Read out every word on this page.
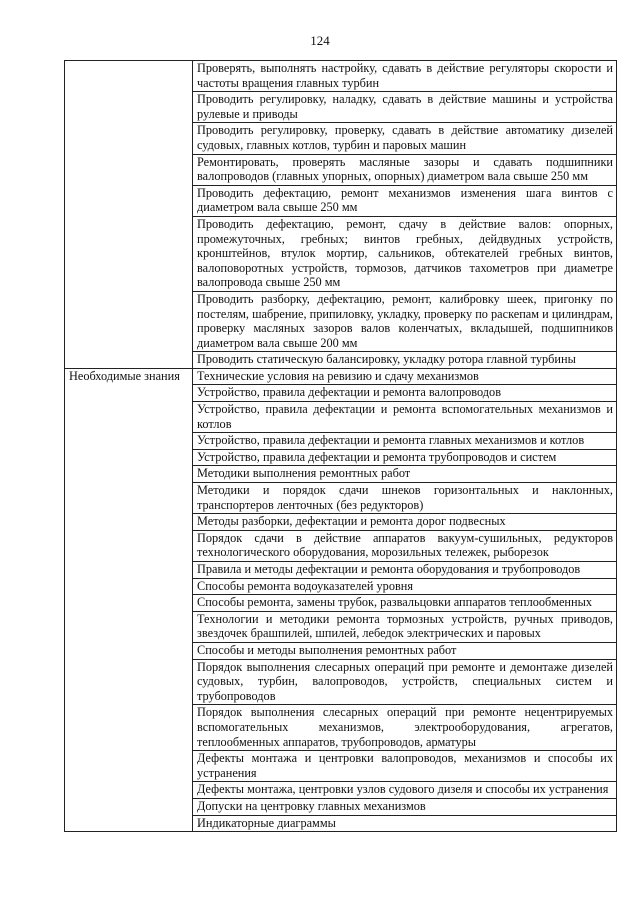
124
	Проверять, выполнять настройку, сдавать в действие регуляторы скорости и частоты вращения главных турбин
	Проводить регулировку, наладку, сдавать в действие машины и устройства рулевые и приводы
	Проводить регулировку, проверку, сдавать в действие автоматику дизелей судовых, главных котлов, турбин и паровых машин
	Ремонтировать, проверять масляные зазоры и сдавать подшипники валопроводов (главных упорных, опорных) диаметром вала свыше 250 мм
	Проводить дефектацию, ремонт механизмов изменения шага винтов с диаметром вала свыше 250 мм
	Проводить дефектацию, ремонт, сдачу в действие валов: опорных, промежуточных, гребных; винтов гребных, дейдвудных устройств, кронштейнов, втулок мортир, сальников, обтекателей гребных винтов, валоповоротных устройств, тормозов, датчиков тахометров при диаметре валопровода свыше 250 мм
	Проводить разборку, дефектацию, ремонт, калибровку шеек, пригонку по постелям, шабрение, припиловку, укладку, проверку по раскепам и цилиндрам, проверку масляных зазоров валов коленчатых, вкладышей, подшипников диаметром вала свыше 200 мм
	Проводить статическую балансировку, укладку ротора главной турбины
Необходимые знания	Технические условия на ревизию и сдачу механизмов
	Устройство, правила дефектации и ремонта валопроводов
	Устройство, правила дефектации и ремонта вспомогательных механизмов и котлов
	Устройство, правила дефектации и ремонта главных механизмов и котлов
	Устройство, правила дефектации и ремонта трубопроводов и систем
	Методики выполнения ремонтных работ
	Методики и порядок сдачи шнеков горизонтальных и наклонных, транспортеров ленточных (без редукторов)
	Методы разборки, дефектации и ремонта дорог подвесных
	Порядок сдачи в действие аппаратов вакуум-сушильных, редукторов технологического оборудования, морозильных тележек, рыборезок
	Правила и методы дефектации и ремонта оборудования и трубопроводов
	Способы ремонта водоуказателей уровня
	Способы ремонта, замены трубок, развальцовки аппаратов теплообменных
	Технологии и методики ремонта тормозных устройств, ручных приводов, звездочек брашпилей, шпилей, лебедок электрических и паровых
	Способы и методы выполнения ремонтных работ
	Порядок выполнения слесарных операций при ремонте и демонтаже дизелей судовых, турбин, валопроводов, устройств, специальных систем и трубопроводов
	Порядок выполнения слесарных операций при ремонте нецентрируемых вспомогательных механизмов, электрооборудования, агрегатов, теплообменных аппаратов, трубопроводов, арматуры
	Дефекты монтажа и центровки валопроводов, механизмов и способы их устранения
	Дефекты монтажа, центровки узлов судового дизеля и способы их устранения
	Допуски на центровку главных механизмов
	Индикаторные диаграммы
